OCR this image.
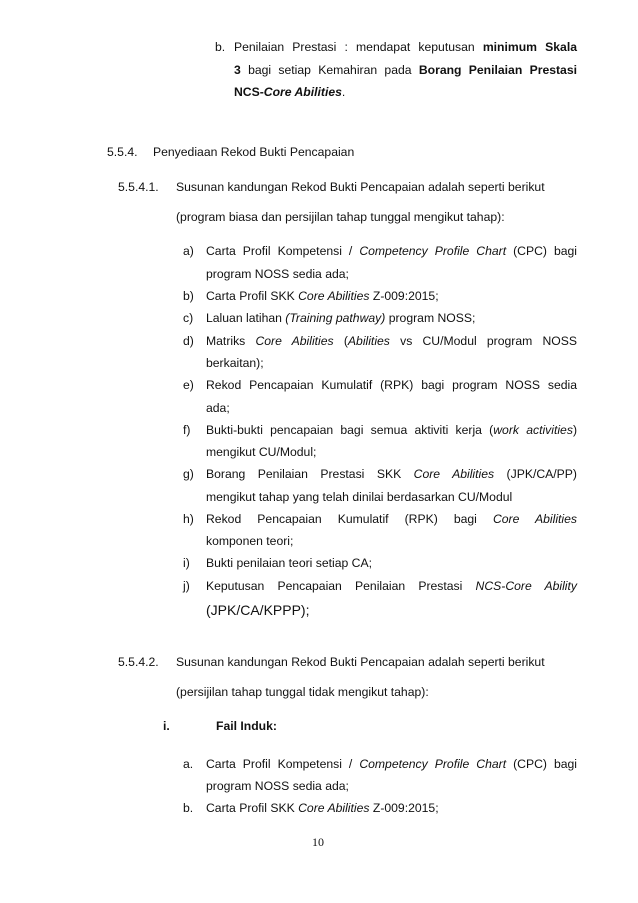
b. Penilaian Prestasi : mendapat keputusan minimum Skala
3 bagi setiap Kemahiran pada Borang Penilaian Prestasi
NCS-Core Abilities.
5.5.4. Penyediaan Rekod Bukti Pencapaian
5.5.4.1. Susunan kandungan Rekod Bukti Pencapaian adalah seperti berikut
(program biasa dan persijilan tahap tunggal mengikut tahap):
a) Carta Profil Kompetensi / Competency Profile Chart (CPC) bagi
program NOSS sedia ada;
b) Carta Profil SKK Core Abilities Z-009:2015;
c) Laluan latihan (Training pathway) program NOSS;
d) Matriks Core Abilities (Abilities vs CU/Modul program NOSS
berkaitan);
e) Rekod Pencapaian Kumulatif (RPK) bagi program NOSS sedia
ada;
f) Bukti-bukti pencapaian bagi semua aktiviti kerja (work activities)
mengikut CU/Modul;
g) Borang Penilaian Prestasi SKK Core Abilities (JPK/CA/PP)
mengikut tahap yang telah dinilai berdasarkan CU/Modul
h) Rekod Pencapaian Kumulatif (RPK) bagi Core Abilities
komponen teori;
i) Bukti penilaian teori setiap CA;
j) Keputusan Pencapaian Penilaian Prestasi NCS-Core Ability
(JPK/CA/KPPP);
5.5.4.2. Susunan kandungan Rekod Bukti Pencapaian adalah seperti berikut
(persijilan tahap tunggal tidak mengikut tahap):
i.	Fail Induk:
a. Carta Profil Kompetensi / Competency Profile Chart (CPC) bagi
program NOSS sedia ada;
b. Carta Profil SKK Core Abilities Z-009:2015;
10
